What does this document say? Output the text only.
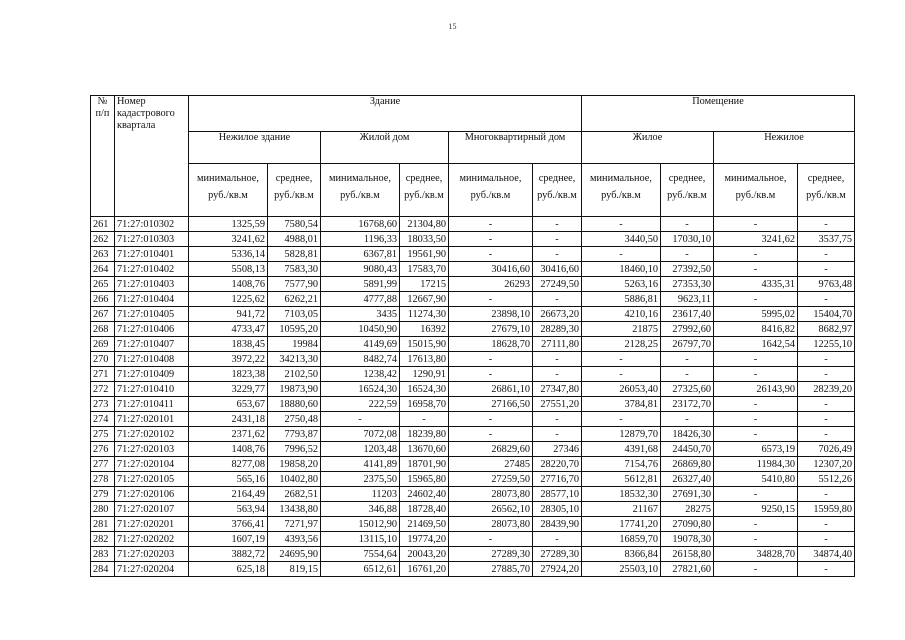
15
№ п/п	Номер кадастрового квартала	Здание						Помещение			
		Нежилое здание		Жилой дом		Многоквартирный дом		Жилое		Нежилое	
		минимальное, руб./кв.м	среднее, руб./кв.м	минимальное, руб./кв.м	среднее, руб./кв.м	минимальное, руб./кв.м	среднее, руб./кв.м	минимальное, руб./кв.м	среднее, руб./кв.м	минимальное, руб./кв.м	среднее, руб./кв.м
261	71:27:010302	1325,59	7580,54	16768,60	21304,80	-	-	-	-	-	-
262	71:27:010303	3241,62	4988,01	1196,33	18033,50	-	-	3440,50	17030,10	3241,62	3537,75
263	71:27:010401	5336,14	5828,81	6367,81	19561,90	-	-	-	-	-	-
264	71:27:010402	5508,13	7583,30	9080,43	17583,70	30416,60	30416,60	18460,10	27392,50	-	-
265	71:27:010403	1408,76	7577,90	5891,99	17215	26293	27249,50	5263,16	27353,30	4335,31	9763,48
266	71:27:010404	1225,62	6262,21	4777,88	12667,90	-	-	5886,81	9623,11	-	-
267	71:27:010405	941,72	7103,05	3435	11274,30	23898,10	26673,20	4210,16	23617,40	5995,02	15404,70
268	71:27:010406	4733,47	10595,20	10450,90	16392	27679,10	28289,30	21875	27992,60	8416,82	8682,97
269	71:27:010407	1838,45	19984	4149,69	15015,90	18628,70	27111,80	2128,25	26797,70	1642,54	12255,10
270	71:27:010408	3972,22	34213,30	8482,74	17613,80	-	-	-	-	-	-
271	71:27:010409	1823,38	2102,50	1238,42	1290,91	-	-	-	-	-	-
272	71:27:010410	3229,77	19873,90	16524,30	16524,30	26861,10	27347,80	26053,40	27325,60	26143,90	28239,20
273	71:27:010411	653,67	18880,60	222,59	16958,70	27166,50	27551,20	3784,81	23172,70	-	-
274	71:27:020101	2431,18	2750,48	-	-	-	-	-	-	-	-
275	71:27:020102	2371,62	7793,87	7072,08	18239,80	-	-	12879,70	18426,30	-	-
276	71:27:020103	1408,76	7996,52	1203,48	13670,60	26829,60	27346	4391,68	24450,70	6573,19	7026,49
277	71:27:020104	8277,08	19858,20	4141,89	18701,90	27485	28220,70	7154,76	26869,80	11984,30	12307,20
278	71:27:020105	565,16	10402,80	2375,50	15965,80	27259,50	27716,70	5612,81	26327,40	5410,80	5512,26
279	71:27:020106	2164,49	2682,51	11203	24602,40	28073,80	28577,10	18532,30	27691,30	-	-
280	71:27:020107	563,94	13438,80	346,88	18728,40	26562,10	28305,10	21167	28275	9250,15	15959,80
281	71:27:020201	3766,41	7271,97	15012,90	21469,50	28073,80	28439,90	17741,20	27090,80	-	-
282	71:27:020202	1607,19	4393,56	13115,10	19774,20	-	-	16859,70	19078,30	-	-
283	71:27:020203	3882,72	24695,90	7554,64	20043,20	27289,30	27289,30	8366,84	26158,80	34828,70	34874,40
284	71:27:020204	625,18	819,15	6512,61	16761,20	27885,70	27924,20	25503,10	27821,60	-	-
